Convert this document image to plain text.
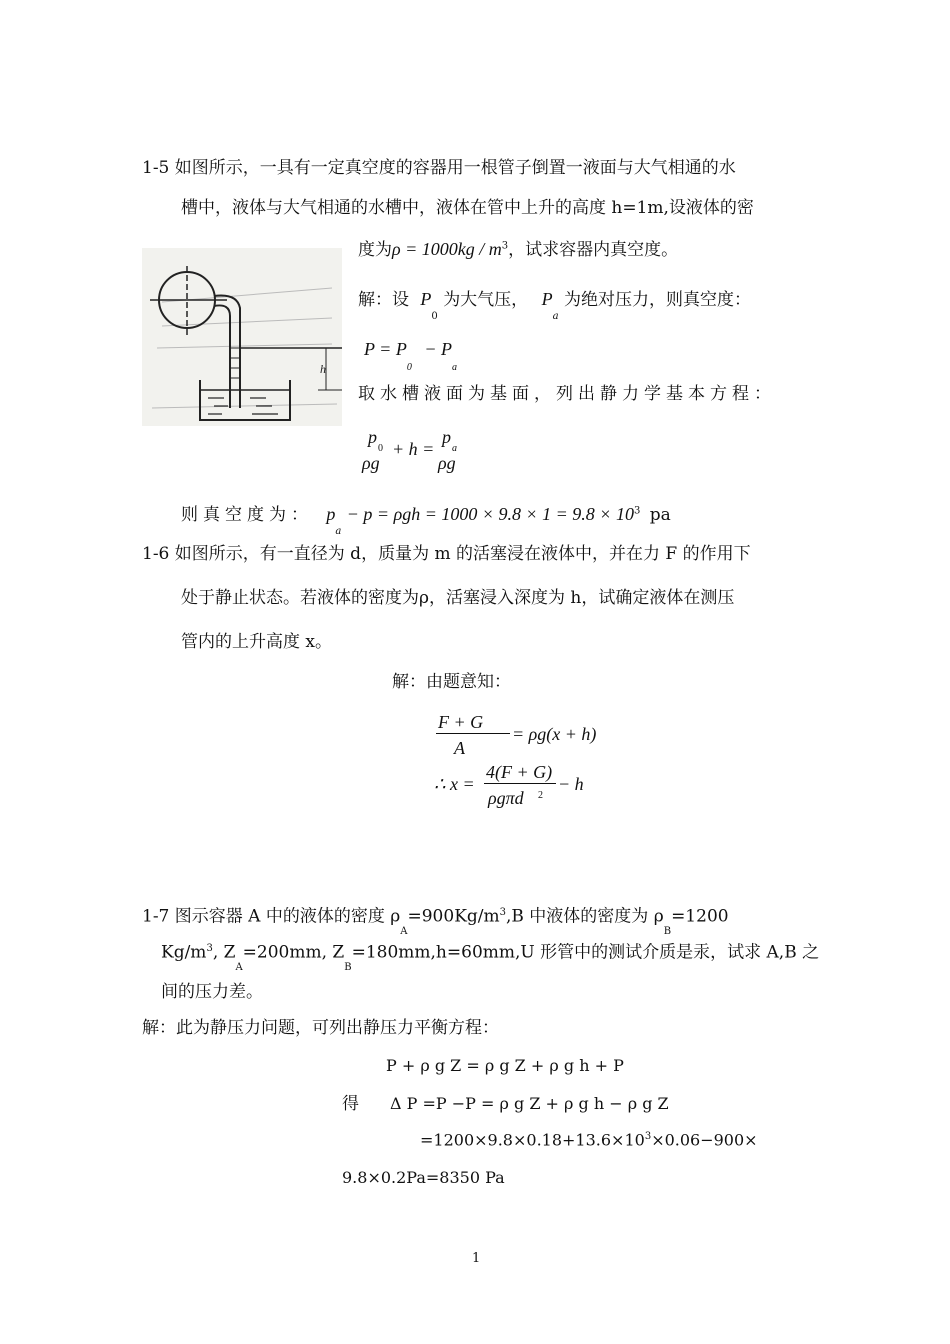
1-5 如图所示，一具有一定真空度的容器用一根管子倒置一液面与大气相通的水
槽中，液体与大气相通的水槽中，液体在管中上升的高度 h=1m,设液体的密
度为$\rho = 1000kg / m^3$，试求容器内真空度。
h
解：设 $P_0$ 为大气压， $P_a$ 为绝对压力，则真空度：
$P = P_0 - P_a$
取水槽液面为基面，列出静力学基本方程：
p
0
ρg
+ h =
p
a
ρg
则真空度为： $p_a - p = \rho gh = 1000 \times 9.8 \times 1 = 9.8 \times 10^3$ pa
1-6 如图所示，有一直径为 d，质量为 m 的活塞浸在液体中，并在力 F 的作用下
处于静止状态。若液体的密度为ρ，活塞浸入深度为 h，试确定液体在测压
管内的上升高度 x。
解：由题意知：
F + G
A
= ρg(x + h)
∴ x =
4(F + G)
ρgπd 2
− h
1-7 图示容器 A 中的液体的密度 $\rho_A=900Kg/m^3,B$ 中液体的密度为 $\rho_B=1200$
$Kg/m^3$, $Z_A=200mm$, $Z_B=180mm,h=60mm,U$ 形管中的测试介质是汞，试求 A,B 之
间的压力差。
解：此为静压力问题，可列出静压力平衡方程：
P + ρ g Z = ρ g Z + ρ g h + P
得 Δ P =P −P = ρ g Z + ρ g h − ρ g Z
$=1200\times 9.8\times 0.18+13.6\times 10^3\times 0.06-900\times$
9.8×0.2Pa=8350 Pa
1
